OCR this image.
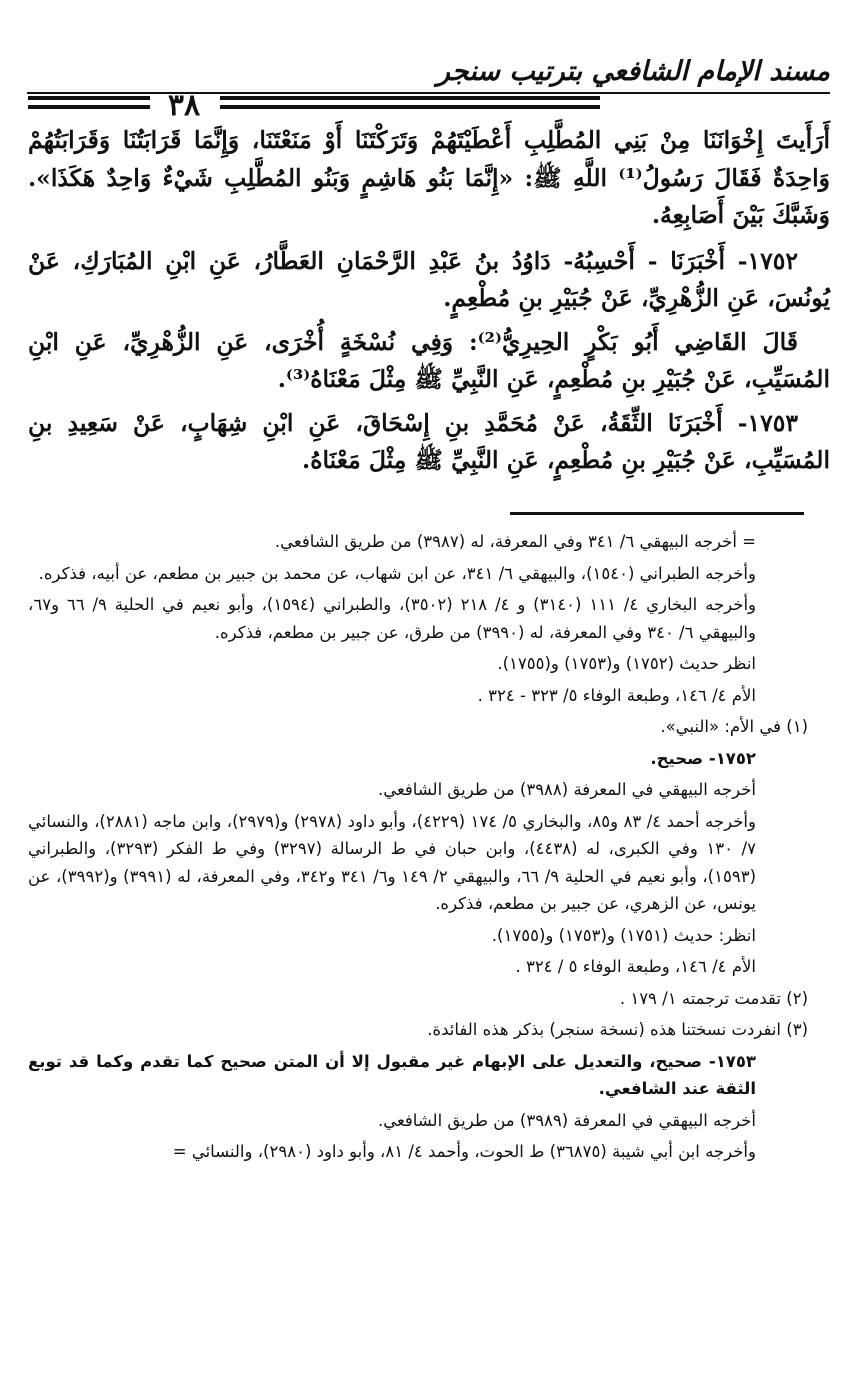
مسند الإمام الشافعي بترتيب سنجر
٣٨

أَرَأَيتَ إِخْوَانَنَا مِنْ بَنِي المُطَّلِبِ أَعْطَيْتَهُمْ وَتَرَكْتَنَا أَوْ مَنَعْتَنَا، وَإِنَّمَا قَرَابَتُنَا وَقَرَابَتُهُمْ وَاحِدَةٌ فَقَالَ رَسُولُ⁽¹⁾ اللَّهِ ﷺ: «إِنَّمَا بَنُو هَاشِمٍ وَبَنُو المُطَّلِبِ شَيْءٌ وَاحِدٌ هَكَذَا». وَشَبَّكَ بَيْنَ أَصَابِعِهُ.

١٧٥٢- أَخْبَرَنَا - أَحْسِبُهُ- دَاوُدُ بنُ عَبْدِ الرَّحْمَانِ العَطَّارُ، عَنِ ابْنِ المُبَارَكِ، عَنْ يُونُسَ، عَنِ الزُّهْرِيِّ، عَنْ جُبَيْرِ بنِ مُطْعِمٍ.

قَالَ القَاضِي أَبُو بَكْرٍ الحِيرِيُّ⁽²⁾: وَفِي نُسْخَةٍ أُخْرَى، عَنِ الزُّهْرِيِّ، عَنِ ابْنِ المُسَيِّبِ، عَنْ جُبَيْرِ بنِ مُطْعِمٍ، عَنِ النَّبِيِّ ﷺ مِثْلَ مَعْنَاهُ⁽³⁾.

١٧٥٣- أَخْبَرَنَا الثِّقَةُ، عَنْ مُحَمَّدِ بنِ إِسْحَاقَ، عَنِ ابْنِ شِهَابٍ، عَنْ سَعِيدِ بنِ المُسَيِّبِ، عَنْ جُبَيْرِ بنِ مُطْعِمٍ، عَنِ النَّبِيِّ ﷺ مِثْلَ مَعْنَاهُ.

= أخرجه البيهقي ٦/ ٣٤١ وفي المعرفة، له (٣٩٨٧) من طريق الشافعي.

وأخرجه الطبراني (١٥٤٠)، والبيهقي ٦/ ٣٤١، عن ابن شهاب، عن محمد بن جبير بن مطعم، عن أبيه، فذكره.

وأخرجه البخاري ٤/ ١١١ (٣١٤٠) و ٤/ ٢١٨ (٣٥٠٢)، والطبراني (١٥٩٤)، وأبو نعيم في الحلية ٩/ ٦٦ و٦٧، والبيهقي ٦/ ٣٤٠ وفي المعرفة، له (٣٩٩٠) من طرق، عن جبير بن مطعم، فذكره.

انظر حديث (١٧٥٢) و(١٧٥٣) و(١٧٥٥).

الأم ٤/ ١٤٦، وطبعة الوفاء ٥/ ٣٢٣ - ٣٢٤ .

(١) في الأم: «النبي».

١٧٥٢- صحيح.

أخرجه البيهقي في المعرفة (٣٩٨٨) من طريق الشافعي.

وأخرجه أحمد ٤/ ٨٣ و٨٥، والبخاري ٥/ ١٧٤ (٤٢٢٩)، وأبو داود (٢٩٧٨) و(٢٩٧٩)، وابن ماجه (٢٨٨١)، والنسائي ٧/ ١٣٠ وفي الكبرى، له (٤٤٣٨)، وابن حبان في ط الرسالة (٣٢٩٧) وفي ط الفكر (٣٢٩٣)، والطبراني (١٥٩٣)، وأبو نعيم في الحلية ٩/ ٦٦، والبيهقي ٢/ ١٤٩ و٦/ ٣٤١ و٣٤٢، وفي المعرفة، له (٣٩٩١) و(٣٩٩٢)، عن يونس، عن الزهري، عن جبير بن مطعم، فذكره.

انظر: حديث (١٧٥١) و(١٧٥٣) و(١٧٥٥).

الأم ٤/ ١٤٦، وطبعة الوفاء ٥ / ٣٢٤ .

(٢) تقدمت ترجمته ١/ ١٧٩ .

(٣) انفردت نسختنا هذه (نسخة سنجر) بذكر هذه الفائدة.

١٧٥٣- صحيح، والتعديل على الإبهام غير مقبول إلا أن المتن صحيح كما تقدم وكما قد توبع الثقة عند الشافعي.

أخرجه البيهقي في المعرفة (٣٩٨٩) من طريق الشافعي.

وأخرجه ابن أبي شيبة (٣٦٨٧٥) ط الحوت، وأحمد ٤/ ٨١، وأبو داود (٢٩٨٠)، والنسائي =
